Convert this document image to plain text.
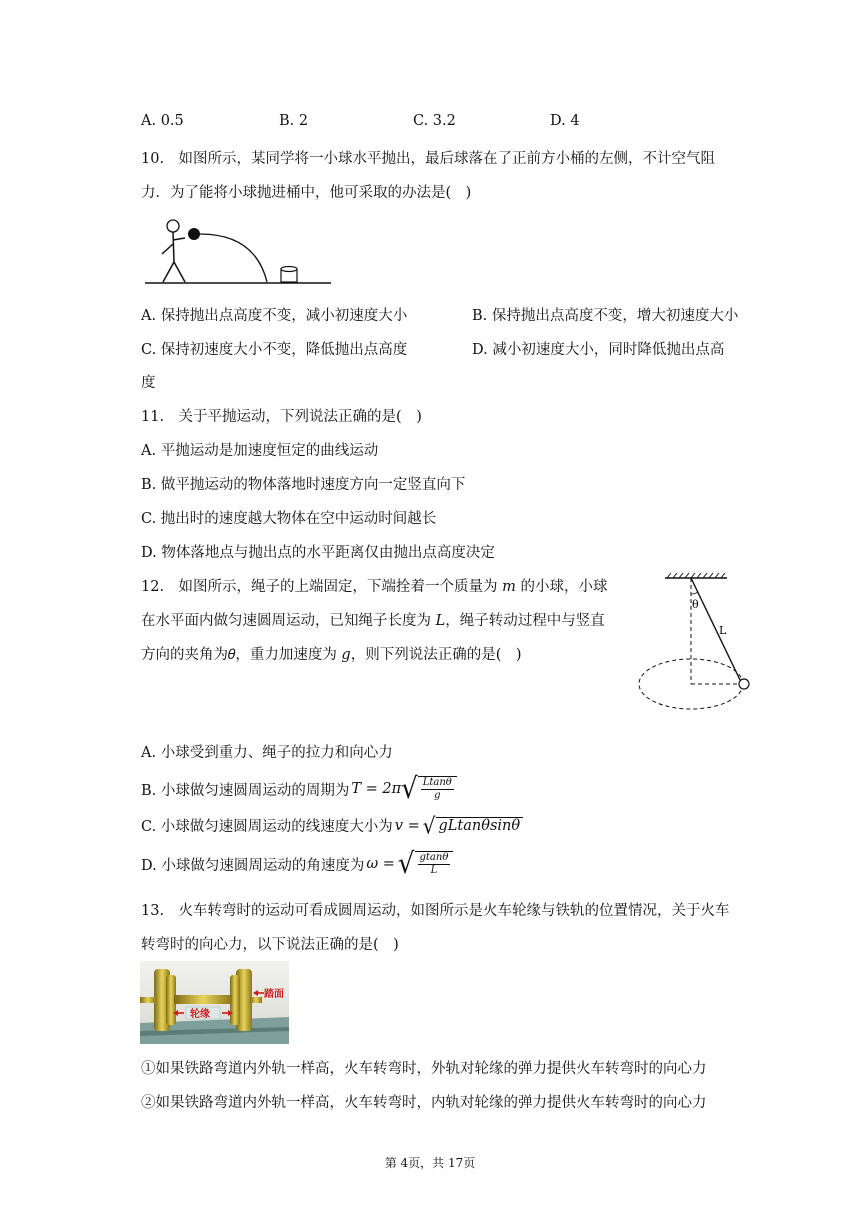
A. 0.5	B. 2	C. 3.2	D. 4
10.　如图所示，某同学将一小球水平抛出，最后球落在了正前方小桶的左侧，不计空气阻
力．为了能将小球抛进桶中，他可采取的办法是(　)
A. 保持抛出点高度不变，减小初速度大小	B. 保持抛出点高度不变，增大初速度大小
C. 保持初速度大小不变，降低抛出点高度	D. 减小初速度大小，同时降低抛出点高
度
11.　关于平抛运动，下列说法正确的是(　)
A. 平抛运动是加速度恒定的曲线运动
B. 做平抛运动的物体落地时速度方向一定竖直向下
C. 抛出时的速度越大物体在空中运动时间越长
D. 物体落地点与抛出点的水平距离仅由抛出点高度决定
12.　如图所示，绳子的上端固定，下端拴着一个质量为 𝑚 的小球，小球
在水平面内做匀速圆周运动，已知绳子长度为 𝐿，绳子转动过程中与竖直
方向的夹角为𝜃，重力加速度为 𝑔，则下列说法正确的是(　)
θ
L
A. 小球受到重力、绳子的拉力和向心力
B. 小球做匀速圆周运动的周期为 𝑇 = 2𝜋 √ $\frac{\text{𝐿𝑡𝑎𝑛𝜃}}{\text{𝑔}}$
C. 小球做匀速圆周运动的线速度大小为 𝑣 = √ 𝑔𝐿𝑡𝑎𝑛𝜃𝑠𝑖𝑛𝜃
D. 小球做匀速圆周运动的角速度为 𝜔 = √ $\frac{\text{𝑔𝑡𝑎𝑛𝜃}}{\text{𝐿}}$
13.　火车转弯时的运动可看成圆周运动，如图所示是火车轮缘与铁轨的位置情况，关于火车
转弯时的向心力，以下说法正确的是(　)
轮缘
踏面
①如果铁路弯道内外轨一样高，火车转弯时，外轨对轮缘的弹力提供火车转弯时的向心力
②如果铁路弯道内外轨一样高，火车转弯时，内轨对轮缘的弹力提供火车转弯时的向心力
第 4页，共 17页
